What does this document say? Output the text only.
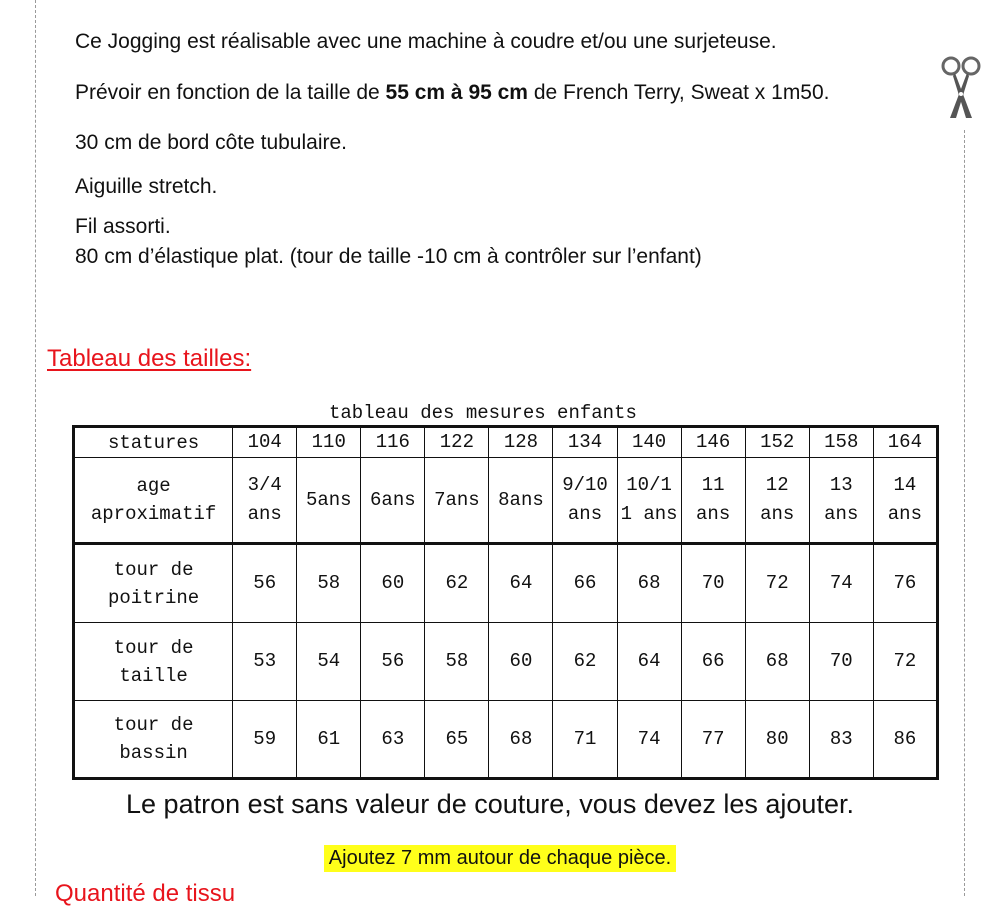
Ce Jogging est réalisable avec une machine à coudre et/ou une surjeteuse.
Prévoir en fonction de la taille de 55 cm à 95 cm de French Terry, Sweat x 1m50.
30 cm de bord côte tubulaire.
Aiguille stretch.
Fil assorti.
80 cm d’élastique plat. (tour de taille -10 cm à contrôler sur l’enfant)
Tableau des tailles:
tableau des mesures enfants
statures	104	110	116	122	128	134	140	146	152	158	164
age aproximatif	3/4 ans	5ans	6ans	7ans	8ans	9/10 ans	10/1 1 ans	11 ans	12 ans	13 ans	14 ans
tour de poitrine	56	58	60	62	64	66	68	70	72	74	76
tour de taille	53	54	56	58	60	62	64	66	68	70	72
tour de bassin	59	61	63	65	68	71	74	77	80	83	86
Le patron est sans valeur de couture, vous devez les ajouter.
Ajoutez 7 mm autour de chaque pièce.
Quantité de tissu
